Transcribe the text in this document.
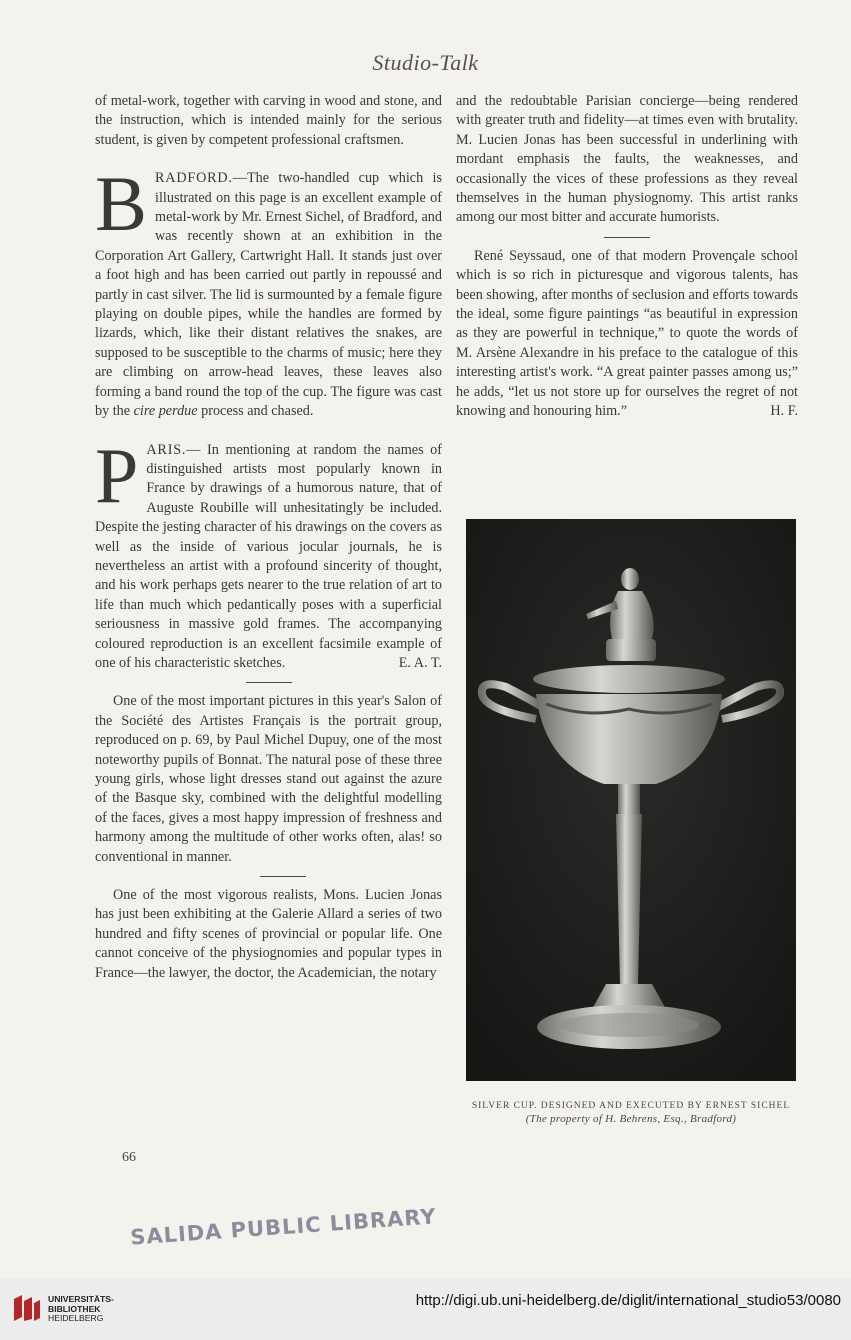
Studio-Talk

of metal-work, together with carving in wood and stone, and the instruction, which is intended mainly for the serious student, is given by competent professional craftsmen.

BRADFORD.—The two-handled cup which is illustrated on this page is an excellent example of metal-work by Mr. Ernest Sichel, of Bradford, and was recently shown at an exhibition in the Corporation Art Gallery, Cartwright Hall. It stands just over a foot high and has been carried out partly in repoussé and partly in cast silver. The lid is surmounted by a female figure playing on double pipes, while the handles are formed by lizards, which, like their distant relatives the snakes, are supposed to be susceptible to the charms of music; here they are climbing on arrow-head leaves, these leaves also forming a band round the top of the cup. The figure was cast by the cire perdue process and chased.

PARIS.— In mentioning at random the names of distinguished artists most popularly known in France by drawings of a humorous nature, that of Auguste Roubille will unhesitatingly be included. Despite the jesting character of his drawings on the covers as well as the inside of various jocular journals, he is nevertheless an artist with a profound sincerity of thought, and his work perhaps gets nearer to the true relation of art to life than much which pedantically poses with a superficial seriousness in massive gold frames. The accompanying coloured reproduction is an excellent facsimile example of one of his characteristic sketches.	E. A. T.

One of the most important pictures in this year's Salon of the Société des Artistes Français is the portrait group, reproduced on p. 69, by Paul Michel Dupuy, one of the most noteworthy pupils of Bonnat. The natural pose of these three young girls, whose light dresses stand out against the azure of the Basque sky, combined with the delightful modelling of the faces, gives a most happy impression of freshness and harmony among the multitude of other works often, alas! so conventional in manner.

One of the most vigorous realists, Mons. Lucien Jonas has just been exhibiting at the Galerie Allard a series of two hundred and fifty scenes of provincial or popular life. One cannot conceive of the physiognomies and popular types in France—the lawyer, the doctor, the Academician, the notary

and the redoubtable Parisian concierge—being rendered with greater truth and fidelity—at times even with brutality. M. Lucien Jonas has been successful in underlining with mordant emphasis the faults, the weaknesses, and occasionally the vices of these professions as they reveal themselves in the human physiognomy. This artist ranks among our most bitter and accurate humorists.

René Seyssaud, one of that modern Provençale school which is so rich in picturesque and vigorous talents, has been showing, after months of seclusion and efforts towards the ideal, some figure paintings “as beautiful in expression as they are powerful in technique,” to quote the words of M. Arsène Alexandre in his preface to the catalogue of this interesting artist's work. “A great painter passes among us;” he adds, “let us not store up for ourselves the regret of not knowing and honouring him.”	H. F.

SILVER CUP. DESIGNED AND EXECUTED BY ERNEST SICHEL
(The property of H. Behrens, Esq., Bradford)
66
SALIDA PUBLIC LIBRARY
UNIVERSITÄTS-
BIBLIOTHEK
HEIDELBERG
http://digi.ub.uni-heidelberg.de/diglit/international_studio53/0080
